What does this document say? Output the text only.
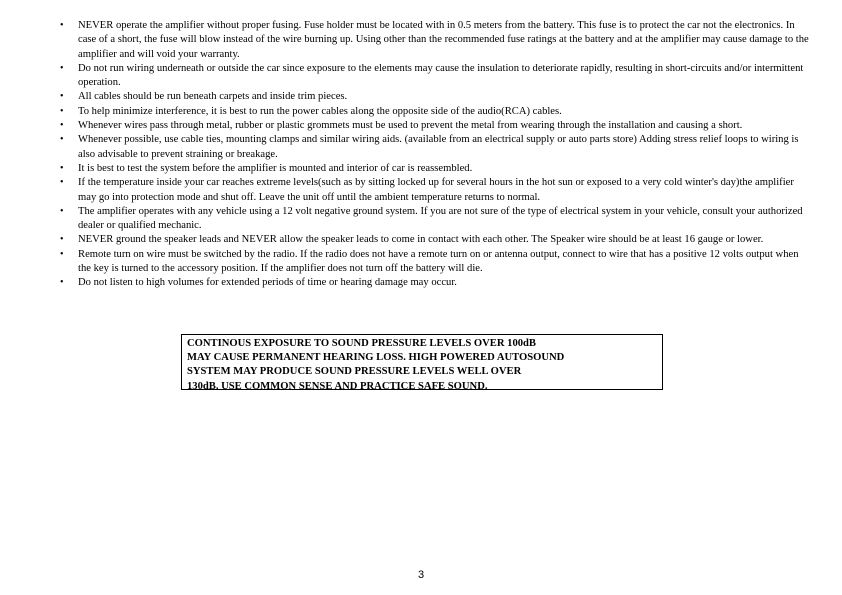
• NEVER operate the amplifier without proper fusing. Fuse holder must be located with in 0.5 meters from the battery. This fuse is to protect the car not the electronics. In case of a short, the fuse will blow instead of the wire burning up. Using other than the recommended fuse ratings at the battery and at the amplifier may cause damage to the amplifier and will void your warranty.
• Do not run wiring underneath or outside the car since exposure to the elements may cause the insulation to deteriorate rapidly, resulting in short-circuits and/or intermittent operation.
• All cables should be run beneath carpets and inside trim pieces.
• To help minimize interference, it is best to run the power cables along the opposite side of the audio(RCA) cables.
• Whenever wires pass through metal, rubber or plastic grommets must be used to prevent the metal from wearing through the installation and causing a short.
• Whenever possible, use cable ties, mounting clamps and similar wiring aids. (available from an electrical supply or auto parts store) Adding stress relief loops to wiring is also advisable to prevent straining or breakage.
• It is best to test the system before the amplifier is mounted and interior of car is reassembled.
• If the temperature inside your car reaches extreme levels(such as by sitting locked up for several hours in the hot sun or exposed to a very cold winter's day)the amplifier may go into protection mode and shut off. Leave the unit off until the ambient temperature returns to normal.
• The amplifier operates with any vehicle using a 12 volt negative ground system. If you are not sure of the type of electrical system in your vehicle, consult your authorized dealer or qualified mechanic.
• NEVER ground the speaker leads and NEVER allow the speaker leads to come in contact with each other. The Speaker wire should be at least 16 gauge or lower.
• Remote turn on wire must be switched by the radio. If the radio does not have a remote turn on or antenna output, connect to wire that has a positive 12 volts output when the key is turned to the accessory position. If the amplifier does not turn off the battery will die.
• Do not listen to high volumes for extended periods of time or hearing damage may occur.
CONTINOUS EXPOSURE TO SOUND PRESSURE LEVELS OVER 100dB
MAY CAUSE PERMANENT HEARING LOSS. HIGH POWERED AUTOSOUND
SYSTEM MAY PRODUCE SOUND PRESSURE LEVELS WELL OVER
130dB. USE COMMON SENSE AND PRACTICE SAFE SOUND.
3
